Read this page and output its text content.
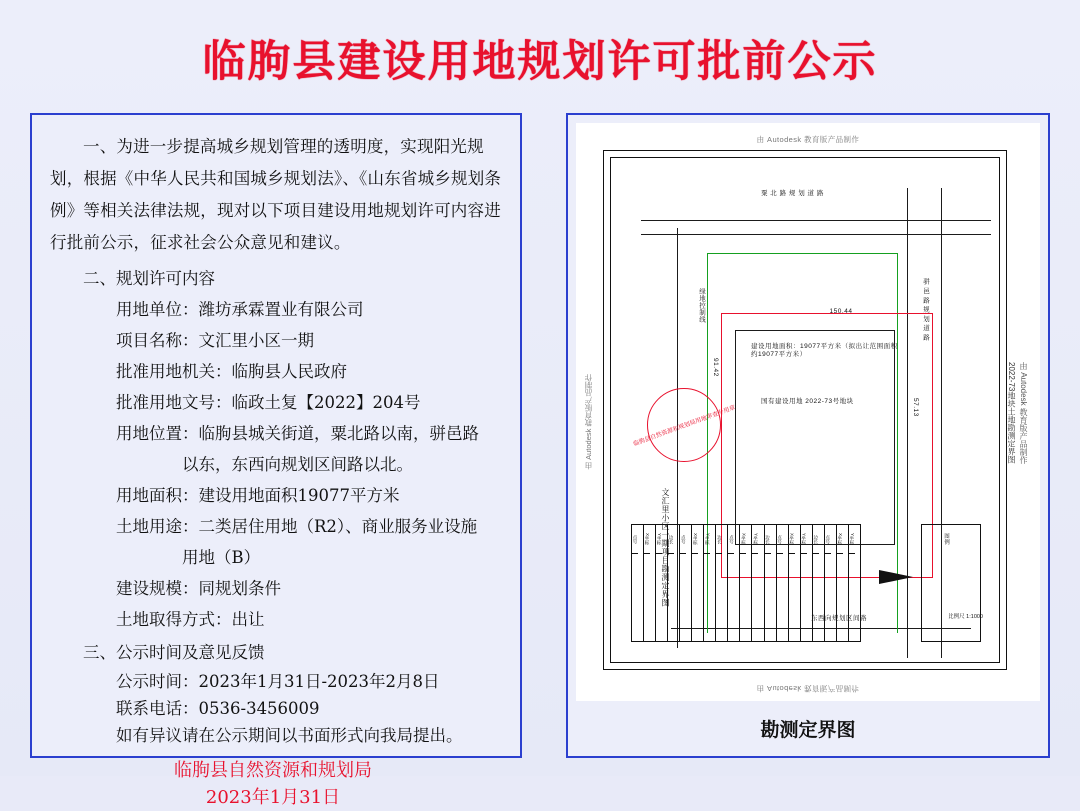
临朐县建设用地规划许可批前公示
一、为进一步提高城乡规划管理的透明度，实现阳光规划，根据《中华人民共和国城乡规划法》、《山东省城乡规划条例》等相关法律法规，现对以下项目建设用地规划许可内容进行批前公示，征求社会公众意见和建议。
二、规划许可内容
用地单位：潍坊承霖置业有限公司
项目名称：文汇里小区一期
批准用地机关：临朐县人民政府
批准用地文号：临政土复【2022】204号
用地位置：临朐县城关街道，粟北路以南，骈邑路
以东，东西向规划区间路以北。
用地面积：建设用地面积19077平方米
土地用途：二类居住用地（R2）、商业服务业设施
用地（B）
建设规模：同规划条件
土地取得方式：出让
三、公示时间及意见反馈
公示时间：2023年1月31日-2023年2月8日
联系电话：0536-3456009
如有异议请在公示期间以书面形式向我局提出。
临朐县自然资源和规划局
2023年1月31日
由 Autodesk 教育版产品制作
由 Autodesk 教育版产品制作
由 Autodesk 教育版产品制作	由 Autodesk 教育版产品制作
2022-73地块土地勘测定界图
150.44
57.13
91.42
建设用地面积：19077平方米（拟出让范围面积约19077平方米）
国有建设用地 2022-73号地块
粟 北 路 规 划 道 路
骈 邑 路 规 划 道 路
东西向规划区间路
绿地控制线
文汇里小区一期项目勘测定界图
临朐县自然资源和规划局用地审查专用章
比例尺 1:1000
点号 X坐标 Y坐标 边长 点号 X坐标 Y坐标 边长 点号 X坐标 Y坐标 边长 点号 X坐标 Y坐标 边长 点号 X坐标 Y坐标	图例
勘测定界图
